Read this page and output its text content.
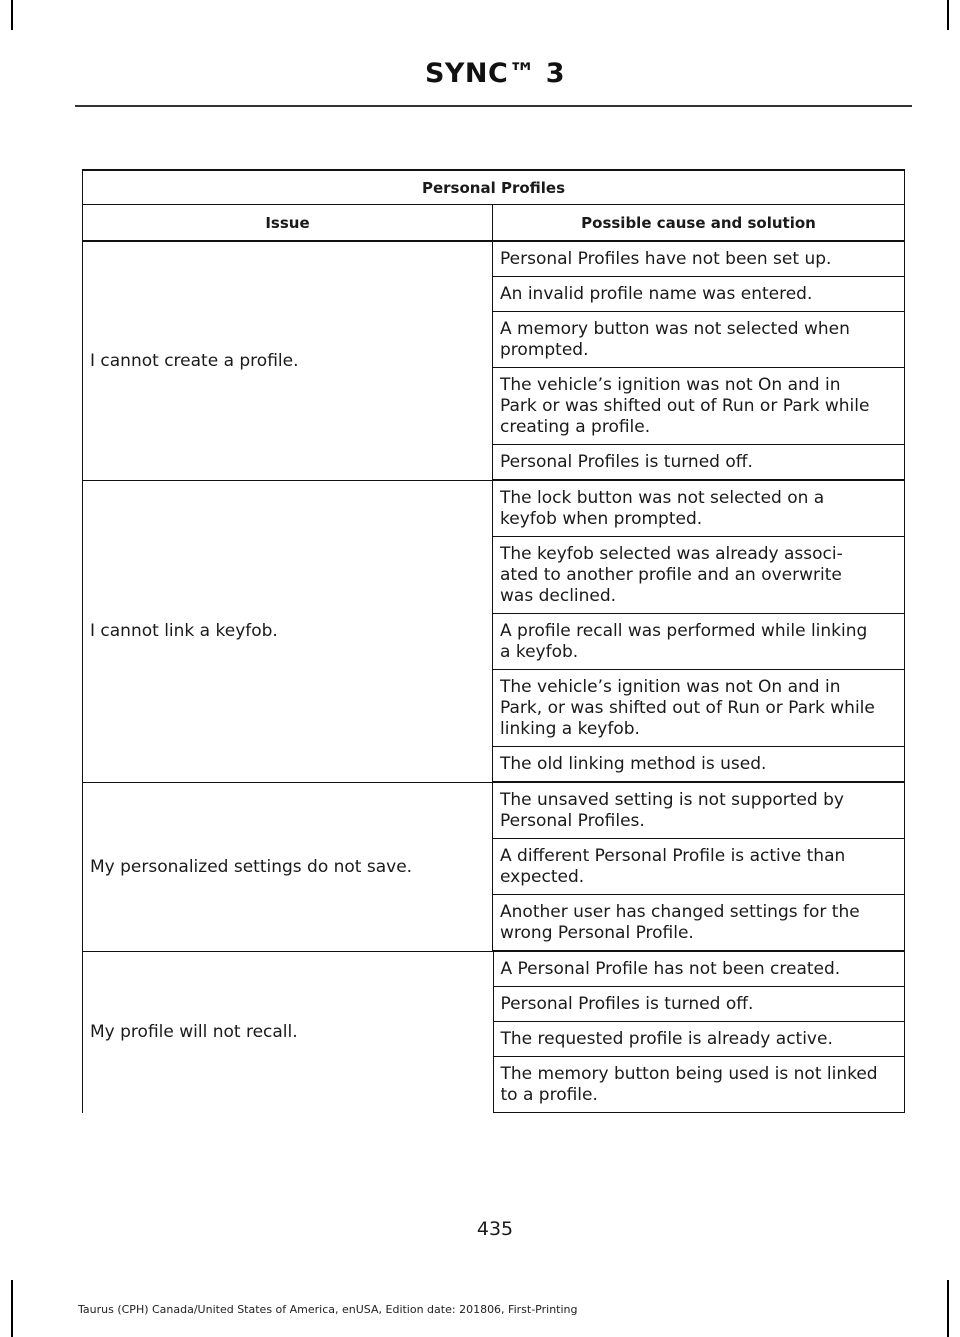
SYNC™ 3
Personal Profiles
Issue	Possible cause and solution
I cannot create a profile.
Personal Profiles have not been set up.
An invalid profile name was entered.
A memory button was not selected when
prompted.
The vehicle’s ignition was not On and in
Park or was shifted out of Run or Park while
creating a profile.
Personal Profiles is turned off.
I cannot link a keyfob.
The lock button was not selected on a
keyfob when prompted.
The keyfob selected was already associ-
ated to another profile and an overwrite
was declined.
A profile recall was performed while linking
a keyfob.
The vehicle’s ignition was not On and in
Park, or was shifted out of Run or Park while
linking a keyfob.
The old linking method is used.
My personalized settings do not save.
The unsaved setting is not supported by
Personal Profiles.
A different Personal Profile is active than
expected.
Another user has changed settings for the
wrong Personal Profile.
My profile will not recall.
A Personal Profile has not been created.
Personal Profiles is turned off.
The requested profile is already active.
The memory button being used is not linked
to a profile.
435
Taurus (CPH) Canada/United States of America, enUSA, Edition date: 201806, First-Printing
